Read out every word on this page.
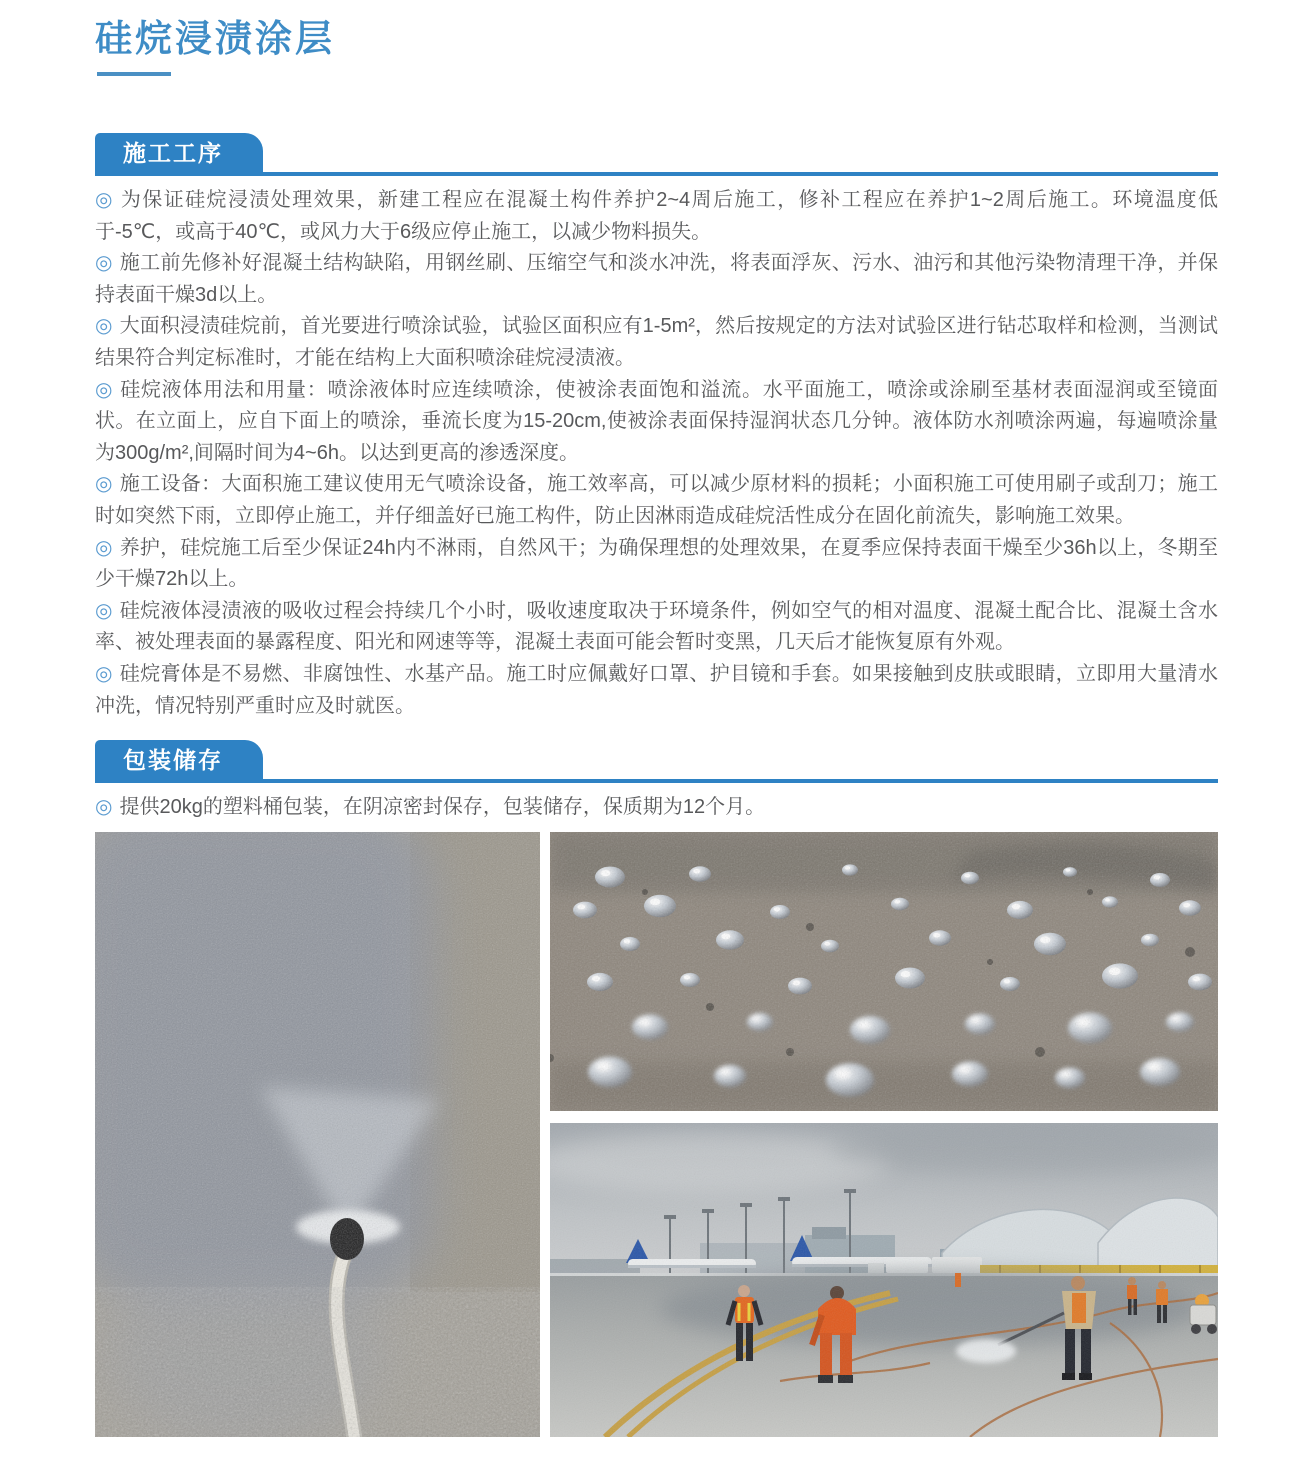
硅烷浸渍涂层
施工工序

◎ 为保证硅烷浸渍处理效果，新建工程应在混凝土构件养护2~4周后施工，修补工程应在养护1~2周后施工。环境温度低于-5℃，或高于40℃，或风力大于6级应停止施工，以减少物料损失。

◎ 施工前先修补好混凝土结构缺陷，用钢丝刷、压缩空气和淡水冲洗，将表面浮灰、污水、油污和其他污染物清理干净，并保持表面干燥3d以上。

◎ 大面积浸渍硅烷前，首光要进行喷涂试验，试验区面积应有1-5m²，然后按规定的方法对试验区进行钻芯取样和检测，当测试结果符合判定标准时，才能在结构上大面积喷涂硅烷浸渍液。

◎ 硅烷液体用法和用量：喷涂液体时应连续喷涂，使被涂表面饱和溢流。水平面施工，喷涂或涂刷至基材表面湿润或至镜面状。在立面上，应自下面上的喷涂，垂流长度为15-20cm,使被涂表面保持湿润状态几分钟。液体防水剂喷涂两遍，每遍喷涂量为300g/m²,间隔时间为4~6h。以达到更高的渗透深度。

◎ 施工设备：大面积施工建议使用无气喷涂设备，施工效率高，可以减少原材料的损耗；小面积施工可使用刷子或刮刀；施工时如突然下雨，立即停止施工，并仔细盖好已施工构件，防止因淋雨造成硅烷活性成分在固化前流失，影响施工效果。

◎ 养护，硅烷施工后至少保证24h内不淋雨，自然风干；为确保理想的处理效果，在夏季应保持表面干燥至少36h以上，冬期至少干燥72h以上。

◎ 硅烷液体浸渍液的吸收过程会持续几个小时，吸收速度取决于环境条件，例如空气的相对温度、混凝土配合比、混凝土含水率、被处理表面的暴露程度、阳光和网速等等，混凝土表面可能会暂时变黑，几天后才能恢复原有外观。

◎ 硅烷膏体是不易燃、非腐蚀性、水基产品。施工时应佩戴好口罩、护目镜和手套。如果接触到皮肤或眼睛，立即用大量清水冲洗，情况特别严重时应及时就医。

包装储存

◎ 提供20kg的塑料桶包装，在阴凉密封保存，包装储存，保质期为12个月。
